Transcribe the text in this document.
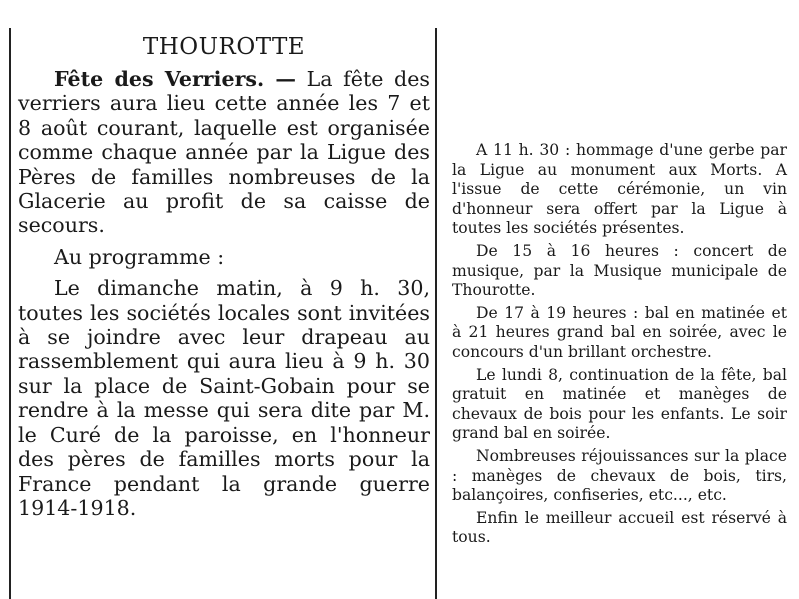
THOUROTTE

Fête des Verriers. — La fête des verriers aura lieu cette année les 7 et 8 août courant, laquelle est organisée comme chaque année par la Ligue des Pères de familles nombreuses de la Glacerie au profit de sa caisse de secours.

Au programme :

Le dimanche matin, à 9 h. 30, toutes les sociétés locales sont invitées à se joindre avec leur drapeau au rassemblement qui aura lieu à 9 h. 30 sur la place de Saint-Gobain pour se rendre à la messe qui sera dite par M. le Curé de la paroisse, en l'honneur des pères de familles morts pour la France pendant la grande guerre 1914-1918.

A 11 h. 30 : hommage d'une gerbe par la Ligue au monument aux Morts. A l'issue de cette cérémonie, un vin d'honneur sera offert par la Ligue à toutes les sociétés présentes.

De 15 à 16 heures : concert de musique, par la Musique municipale de Thourotte.

De 17 à 19 heures : bal en matinée et à 21 heures grand bal en soirée, avec le concours d'un brillant orchestre.

Le lundi 8, continuation de la fête, bal gratuit en matinée et manèges de chevaux de bois pour les enfants. Le soir grand bal en soirée.

Nombreuses réjouissances sur la place : manèges de chevaux de bois, tirs, balançoires, confiseries, etc..., etc.

Enfin le meilleur accueil est réservé à tous.
